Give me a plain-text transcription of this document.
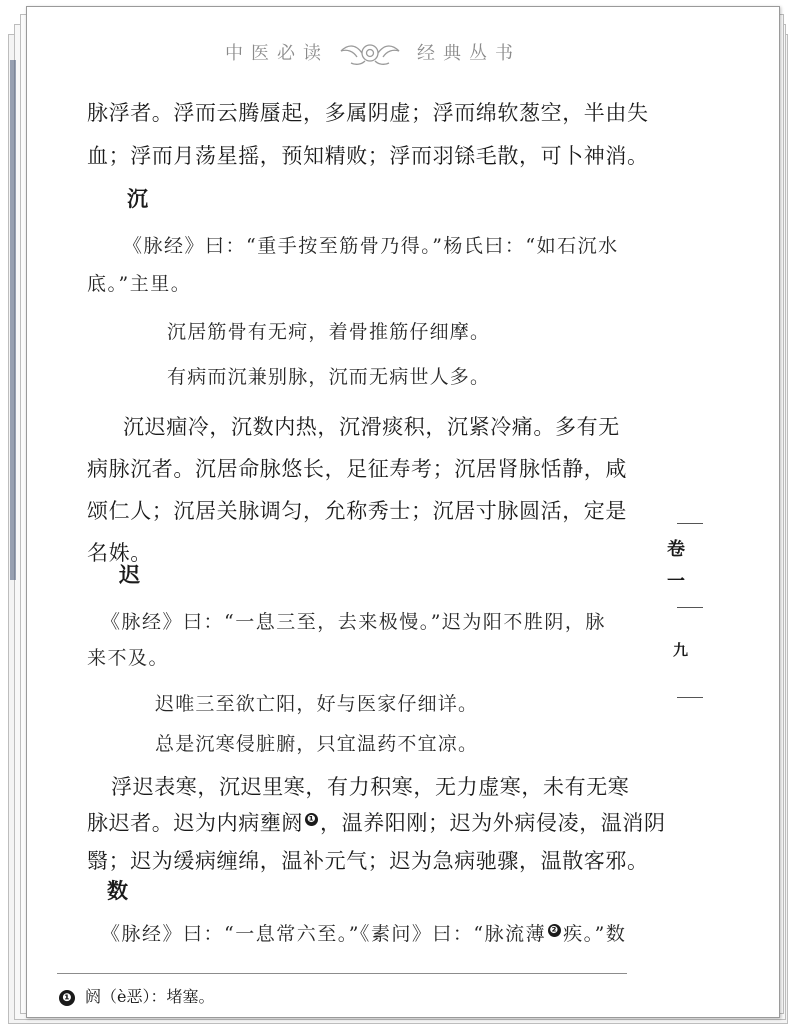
中医必读	经典丛书
脉浮者。浮而云腾蜃起，多属阴虚；浮而绵软葱空，半由失
血；浮而月荡星摇，预知精败；浮而羽铩毛散，可卜神消。
沉
《脉经》曰：“重手按至筋骨乃得。”杨氏曰：“如石沉水
底。”主里。
沉居筋骨有无疴，着骨推筋仔细摩。
有病而沉兼别脉，沉而无病世人多。
沉迟痼冷，沉数内热，沉滑痰积，沉紧冷痛。多有无
病脉沉者。沉居命脉悠长，足征寿考；沉居肾脉恬静，咸
颂仁人；沉居关脉调匀，允称秀士；沉居寸脉圆活，定是
名姝。
迟
《脉经》曰：“一息三至，去来极慢。”迟为阳不胜阴，脉
来不及。
迟唯三至欲亡阳，好与医家仔细详。
总是沉寒侵脏腑，只宜温药不宜凉。
浮迟表寒，沉迟里寒，有力积寒，无力虚寒，未有无寒
脉迟者。迟为内病壅阏 ❶ ，温养阳刚；迟为外病侵凌，温消阴
翳；迟为缓病缠绵，温补元气；迟为急病驰骤，温散客邪。
数
《脉经》曰：“一息常六至。”《素问》曰：“脉流薄 ❷ 疾。”数
卷
一
九
❶ 阏（è恶）：堵塞。
